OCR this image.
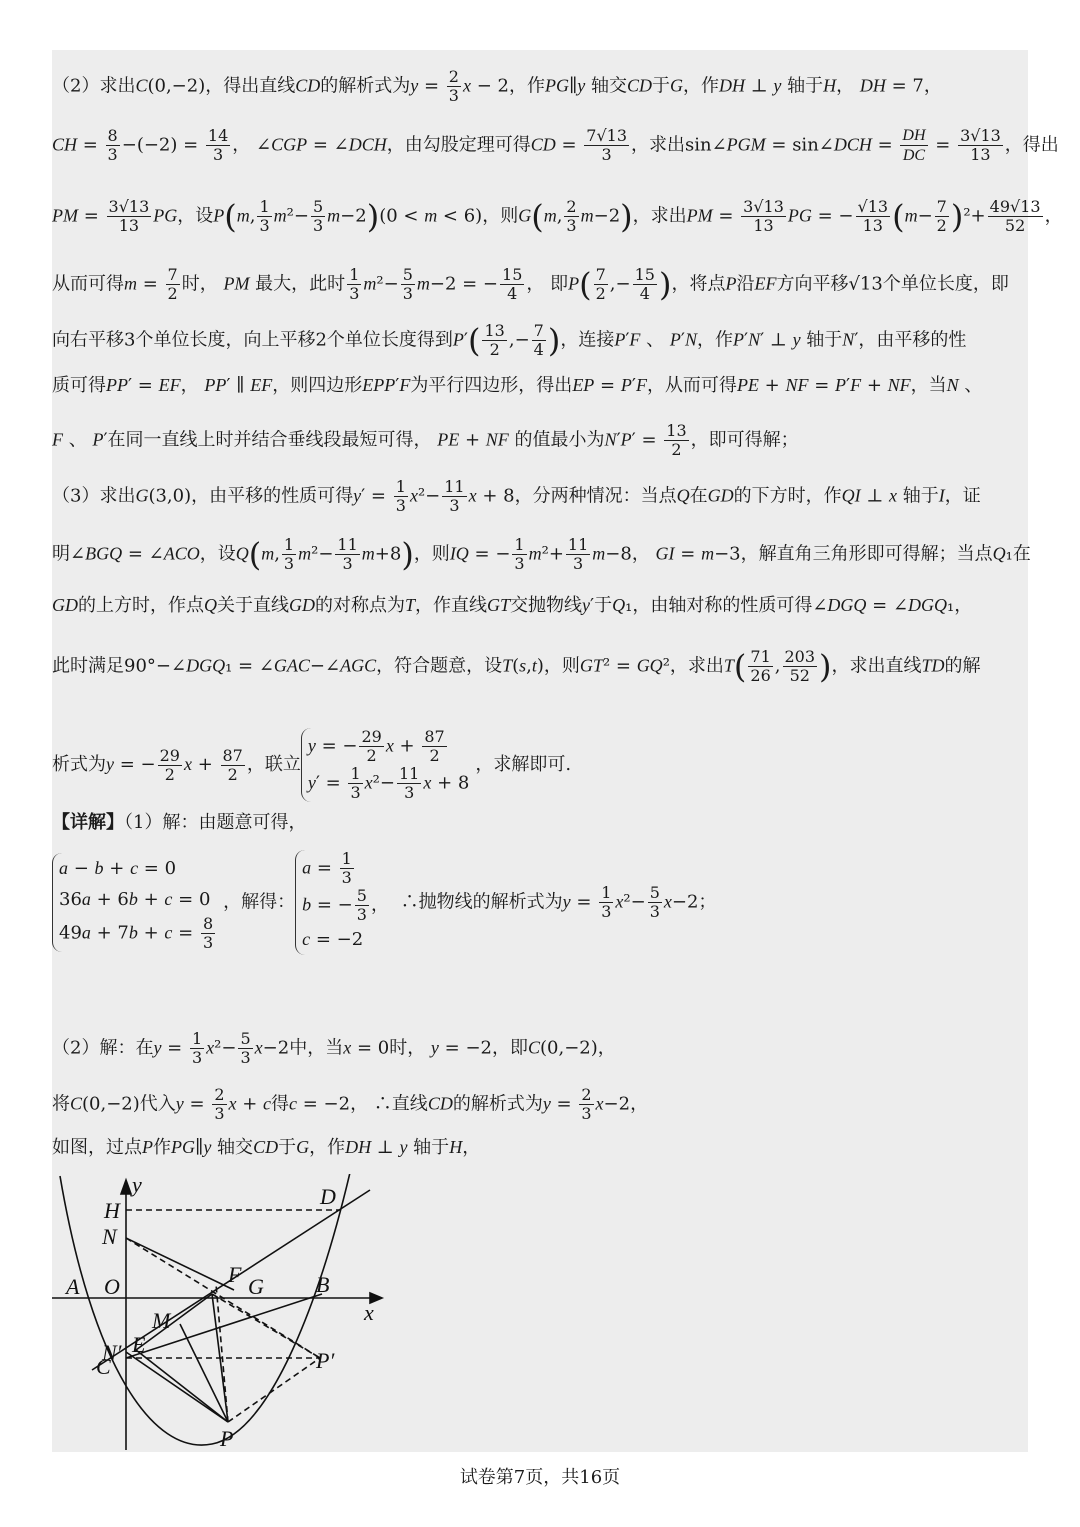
（2）求出C(0,−2)，得出直线CD的解析式为$y = \frac{2}{3}$ x − 2，作PG∥y 轴交CD于G，作DH ⊥ y 轴于H， DH = 7，
CH = $\frac{8}{3} -(-2) = \frac{14}{3}$ ， ∠CGP = ∠DCH，由勾股定理可得CD = $\frac{7√13}{3}$ ，求出sin∠PGM = sin∠DCH = $\frac{DH}{DC} = \frac{3√13}{13}$ ，得出
PM = $\frac{3√13}{13}$ PG，设P(m, $\frac{1}{3} m^2- \frac{5}{3} m-2)(0 < m < 6)$，则G(m, $\frac{2}{3} m-2$)，求出PM = $\frac{3√13}{13}$ PG = − $\frac{√13}{13} (m- \frac{7}{2} )^2+ \frac{49√13}{52}$ ，
从而可得$m = \frac{7}{2}$ 时， PM 最大，此时 $\frac{1}{3} m^2- \frac{5}{3} m-2$ = − $\frac{15}{4}$ ， 即$P( \frac{7}{2}$ ,− $\frac{15}{4}$ )，将点P沿EF方向平移√13个单位长度，即
向右平移3个单位长度，向上平移2个单位长度得到$P'( \frac{13}{2}$ ,− $\frac{7}{4}$ )，连接P′F 、 P′N，作P′N′ ⊥ y 轴于N′，由平移的性
质可得PP′ = EF， PP′ ∥ EF，则四边形EPP′F为平行四边形，得出EP = P′F，从而可得PE + NF = P′F + NF，当N 、
F 、 P′在同一直线上时并结合垂线段最短可得， PE + NF 的值最小为$N'P' = \frac{13}{2}$ ，即可得解；
（3）求出G(3,0)，由平移的性质可得$y' = \frac{1}{3} x^2- \frac{11}{3}$ x + 8，分两种情况：当点Q在GD的下方时，作QI ⊥ x 轴于I，证
明∠BGQ = ∠ACO，设Q(m, $\frac{1}{3} m^2- \frac{11}{3} m+8$)，则IQ = − $\frac{1}{3} m^2+ \frac{11}{3} m-8$， GI = m−3，解直角三角形即可得解；当点Q₁在
GD的上方时，作点Q关于直线GD的对称点为T，作直线GT交抛物线y′于Q₁，由轴对称的性质可得∠DGQ = ∠DGQ₁，
此时满足90°−∠DGQ₁ = ∠GAC−∠AGC，符合题意，设T(s,t)，则GT² = GQ²，求出$T( \frac{71}{26}$ , $\frac{203}{52}$ )，求出直线TD的解
析式为y = − $\frac{29}{2}$ $x + \frac{87}{2}$ ，联立
y = − $\frac{29}{2}$ $x + \frac{87}{2}$
$y' = \frac{1}{3} x^2- \frac{11}{3}$ x + 8
，求解即可.
【详解】（1）解：由题意可得，
a − b + c = 0
36a + 6b + c = 0
$49a + 7b + c = \frac{8}{3}$
，解得：
$a = \frac{1}{3}$
b = − $\frac{5}{3}$ ，
c = −2
∴抛物线的解析式为$y = \frac{1}{3} x^2- \frac{5}{3} x-2$；
（2）解：在$y = \frac{1}{3} x^2- \frac{5}{3} x-2$中，当x = 0时， y = −2，即C(0,−2)，
将C(0,−2)代入$y = \frac{2}{3}$ x + c得c = −2， ∴直线CD的解析式为$y = \frac{2}{3} x-2$，
如图，过点P作PG∥y 轴交CD于G，作DH ⊥ y 轴于H，
y
x
H
D
N
A O	F G B
M
E
N′
C	P′
P
试卷第7页，共16页
